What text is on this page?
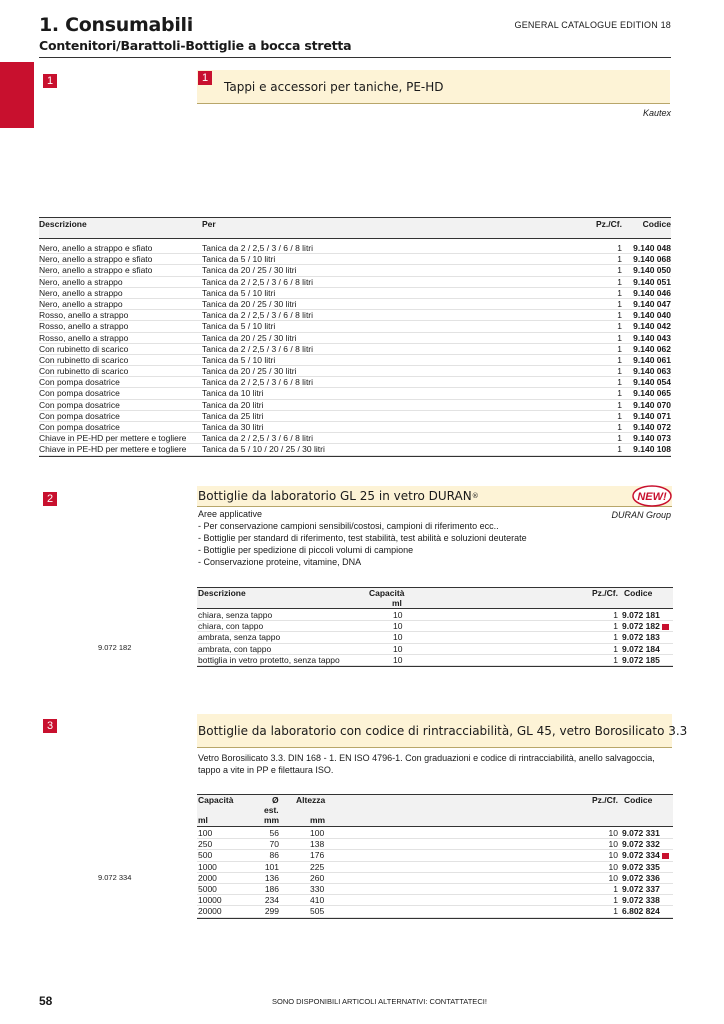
1. Consumabili
Contenitori/Barattoli-Bottiglie a bocca stretta
GENERAL CATALOGUE EDITION 18
1	Tappi e accessori per taniche, PE-HD
1
Kautex
Descrizione	Per	Pz./Cf. Codice
Nero, anello a strappo e sfiato	Tanica da 2 / 2,5 / 3 / 6 / 8 litri	1 9.140 048
Nero, anello a strappo e sfiato	Tanica da 5 / 10 litri	1 9.140 068
Nero, anello a strappo e sfiato	Tanica da 20 / 25 / 30 litri	1 9.140 050
Nero, anello a strappo	Tanica da 2 / 2,5 / 3 / 6 / 8 litri	1 9.140 051
Nero, anello a strappo	Tanica da 5 / 10 litri	1 9.140 046
Nero, anello a strappo	Tanica da 20 / 25 / 30 litri	1 9.140 047
Rosso, anello a strappo	Tanica da 2 / 2,5 / 3 / 6 / 8 litri	1 9.140 040
Rosso, anello a strappo	Tanica da 5 / 10 litri	1 9.140 042
Rosso, anello a strappo	Tanica da 20 / 25 / 30 litri	1 9.140 043
Con rubinetto di scarico	Tanica da 2 / 2,5 / 3 / 6 / 8 litri	1 9.140 062
Con rubinetto di scarico	Tanica da 5 / 10 litri	1 9.140 061
Con rubinetto di scarico	Tanica da 20 / 25 / 30 litri	1 9.140 063
Con pompa dosatrice	Tanica da 2 / 2,5 / 3 / 6 / 8 litri	1 9.140 054
Con pompa dosatrice	Tanica da 10 litri	1 9.140 065
Con pompa dosatrice	Tanica da 20 litri	1 9.140 070
Con pompa dosatrice	Tanica da 25 litri	1 9.140 071
Con pompa dosatrice	Tanica da 30 litri	1 9.140 072
Chiave in PE-HD per mettere e togliere Tanica da 2 / 2,5 / 3 / 6 / 8 litri	1 9.140 073
Chiave in PE-HD per mettere e togliere Tanica da 5 / 10 / 20 / 25 / 30 litri	1 9.140 108
2	Bottiglie da laboratorio GL 25 in vetro DURAN ®	NEW!
DURAN Group
Aree applicative
- Per conservazione campioni sensibili/costosi, campioni di riferimento ecc..
- Bottiglie per standard di riferimento, test stabilità, test abilità e soluzioni deuterate
- Bottiglie per spedizione di piccoli volumi di campione
- Conservazione proteine, vitamine, DNA
9.072 182
Descrizione	Capacità
ml
Pz./Cf. Codice
chiara, senza tappo	10	1 9.072 181
chiara, con tappo	10	1 9.072 182
ambrata, senza tappo	10	1 9.072 183
ambrata, con tappo	10	1 9.072 184
bottiglia in vetro protetto, senza tappo	10	1 9.072 185
3	Bottiglie da laboratorio con codice di rintracciabilità, GL 45, vetro Borosilicato 3.3
Vetro Borosilicato 3.3. DIN 168 - 1. EN ISO 4796-1. Con graduazioni e codice di rintracciabilità, anello salvagoccia,
tappo a vite in PP e filettaura ISO.
9.072 334
Capacità	Ø
est.
Altezza	Pz./Cf. Codice
ml	mm	mm
100	56	100	10 9.072 331
250	70	138	10 9.072 332
500	86	176	10 9.072 334
1000	101	225	10 9.072 335
2000	136	260	10 9.072 336
5000	186	330	1 9.072 337
10000	234	410	1 9.072 338
20000	299	505	1 6.802 824
58	SONO DISPONIBILI ARTICOLI ALTERNATIVI: CONTATTATECI!
